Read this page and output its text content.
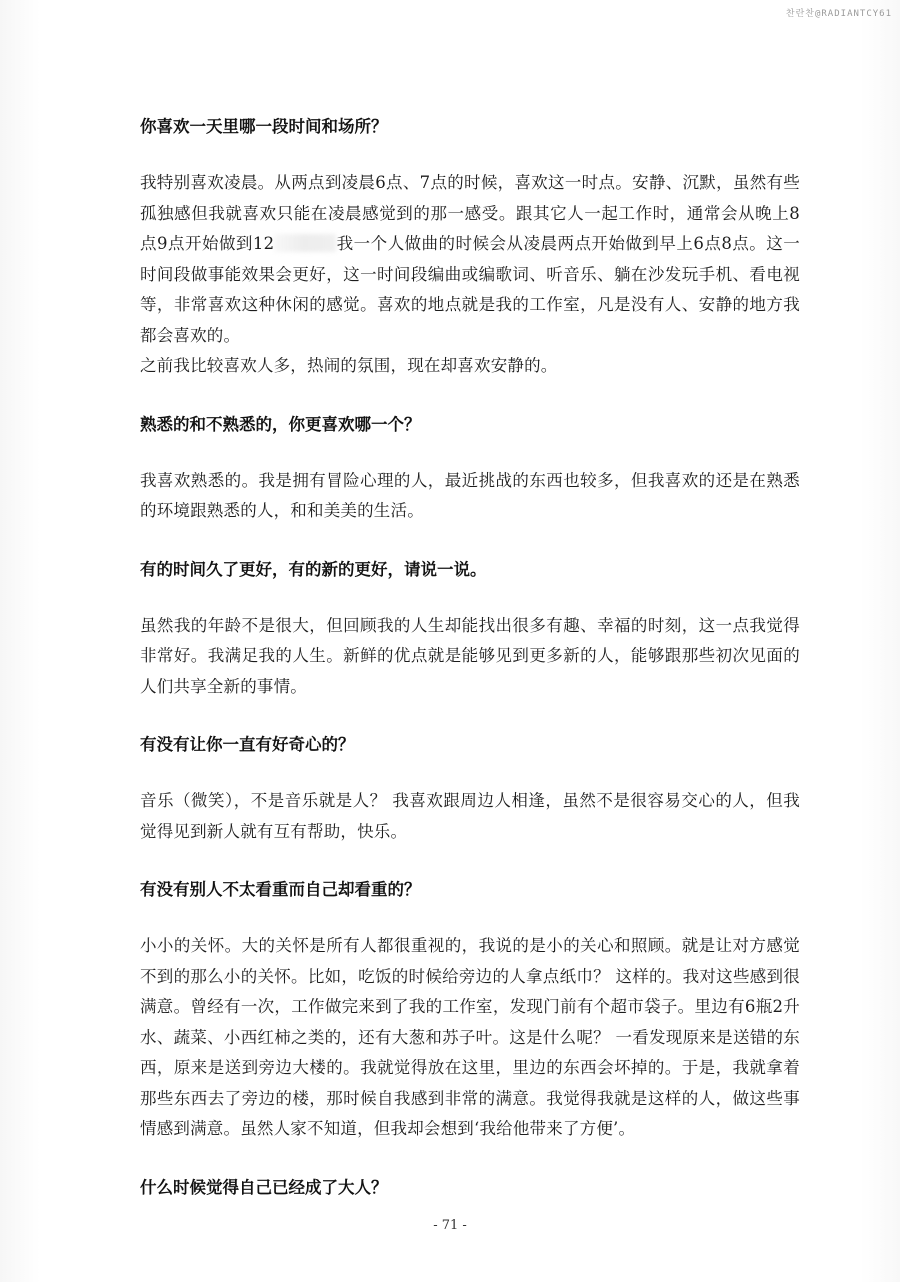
찬란찬@RADIANTCY61
你喜欢一天里哪一段时间和场所？

我特别喜欢凌晨。从两点到凌晨6点、7点的时候，喜欢这一时点。安静、沉默，虽然有些孤独感但我就喜欢只能在凌晨感觉到的那一感受。跟其它人一起工作时，通常会从晚上8点9点开始做到12	我一个人做曲的时候会从凌晨两点开始做到早上6点8点。这一时间段做事能效果会更好，这一时间段编曲或编歌词、听音乐、躺在沙发玩手机、看电视等，非常喜欢这种休闲的感觉。喜欢的地点就是我的工作室，凡是没有人、安静的地方我都会喜欢的。

之前我比较喜欢人多，热闹的氛围，现在却喜欢安静的。

熟悉的和不熟悉的，你更喜欢哪一个？
我喜欢熟悉的。我是拥有冒险心理的人，最近挑战的东西也较多，但我喜欢的还是在熟悉的环境跟熟悉的人，和和美美的生活。
有的时间久了更好，有的新的更好，请说一说。
虽然我的年龄不是很大，但回顾我的人生却能找出很多有趣、幸福的时刻，这一点我觉得非常好。我满足我的人生。新鲜的优点就是能够见到更多新的人，能够跟那些初次见面的人们共享全新的事情。
有没有让你一直有好奇心的？
音乐（微笑），不是音乐就是人？ 我喜欢跟周边人相逢，虽然不是很容易交心的人，但我觉得见到新人就有互有帮助，快乐。
有没有别人不太看重而自己却看重的？
小小的关怀。大的关怀是所有人都很重视的，我说的是小的关心和照顾。就是让对方感觉不到的那么小的关怀。比如，吃饭的时候给旁边的人拿点纸巾？ 这样的。我对这些感到很满意。曾经有一次，工作做完来到了我的工作室，发现门前有个超市袋子。里边有6瓶2升水、蔬菜、小西红柿之类的，还有大葱和苏子叶。这是什么呢？ 一看发现原来是送错的东西，原来是送到旁边大楼的。我就觉得放在这里，里边的东西会坏掉的。于是，我就拿着那些东西去了旁边的楼，那时候自我感到非常的满意。我觉得我就是这样的人，做这些事情感到满意。虽然人家不知道，但我却会想到‘我给他带来了方便’。
什么时候觉得自己已经成了大人？
- 71 -
